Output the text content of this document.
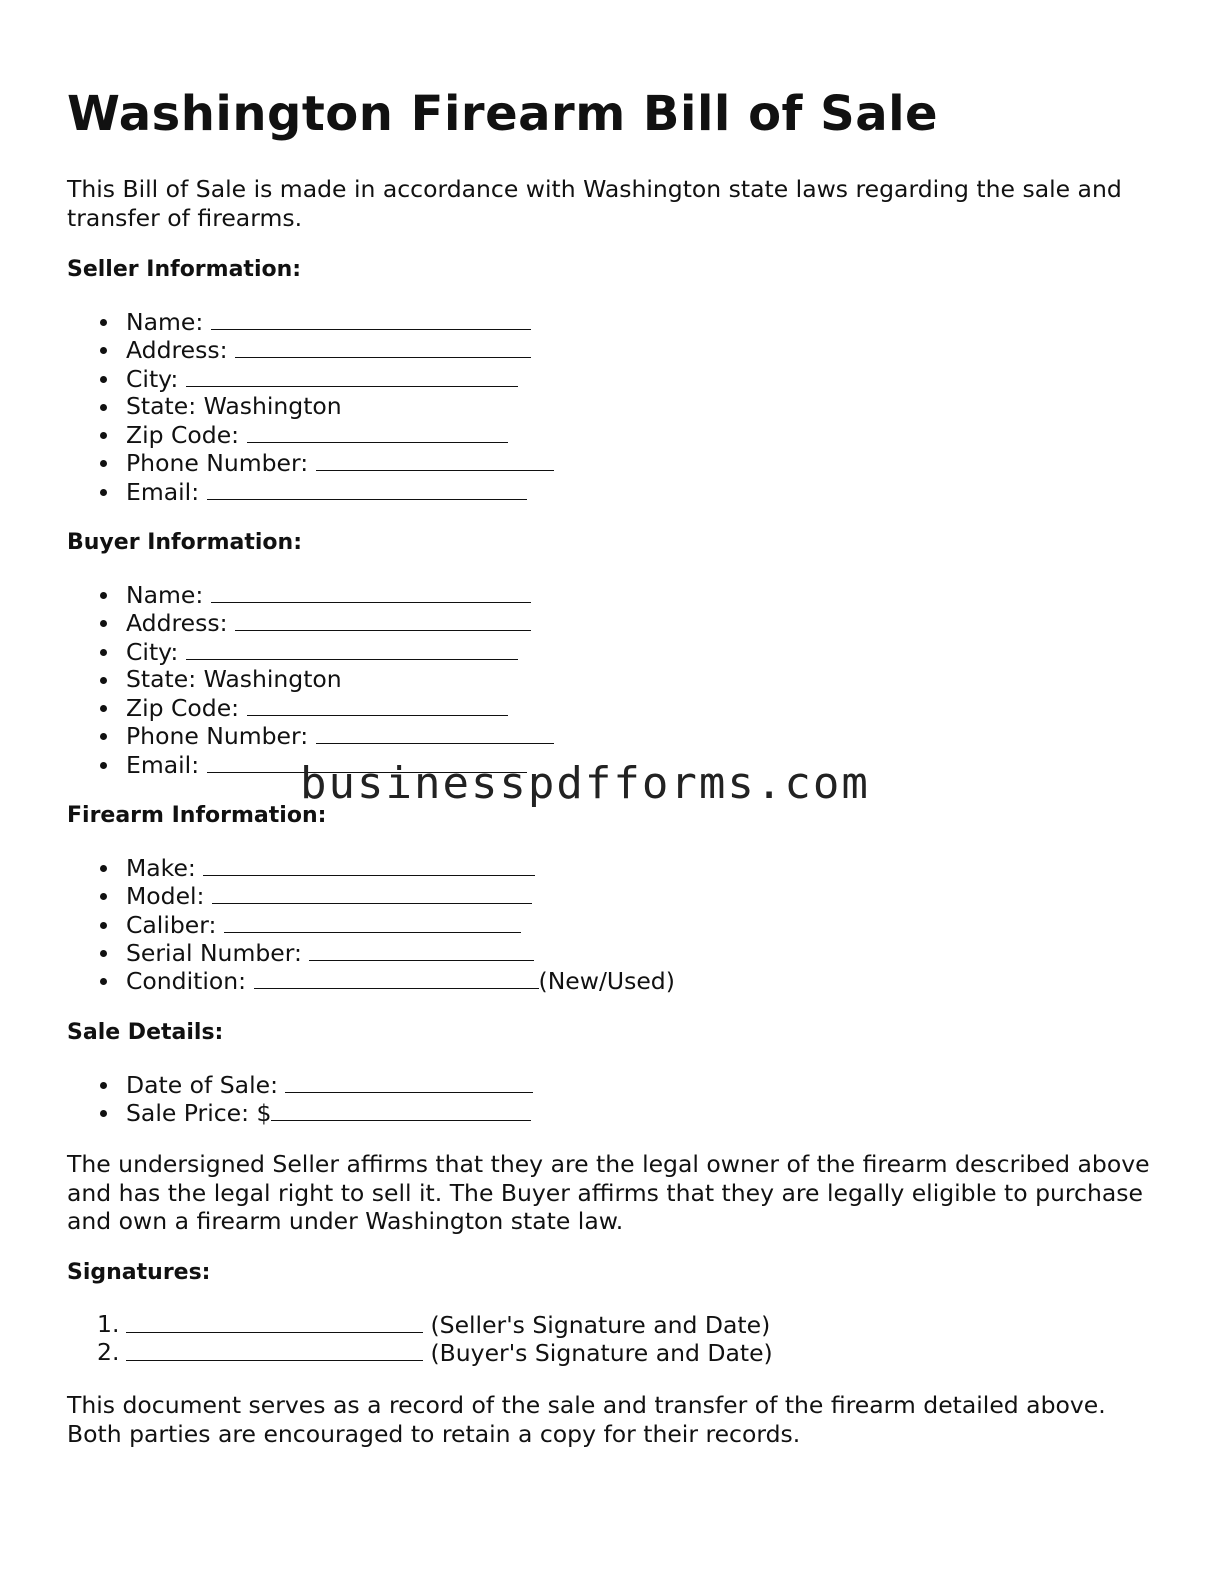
Washington Firearm Bill of Sale

This Bill of Sale is made in accordance with Washington state laws regarding the sale and transfer of firearms.

Seller Information:
Name:
Address:
City:
State: Washington
Zip Code:
Phone Number:
Email:
Buyer Information:
Name:
Address:
City:
State: Washington
Zip Code:
Phone Number:
Email:
Firearm Information:
Make:
Model:
Caliber:
Serial Number:
Condition:	(New/Used)
Sale Details:
Date of Sale:
Sale Price: $

The undersigned Seller affirms that they are the legal owner of the firearm described above and has the legal right to sell it. The Buyer affirms that they are legally eligible to purchase and own a firearm under Washington state law.

Signatures:
1.	(Seller's Signature and Date)
2.	(Buyer's Signature and Date)

This document serves as a record of the sale and transfer of the firearm detailed above. Both parties are encouraged to retain a copy for their records.

businesspdfforms.com
